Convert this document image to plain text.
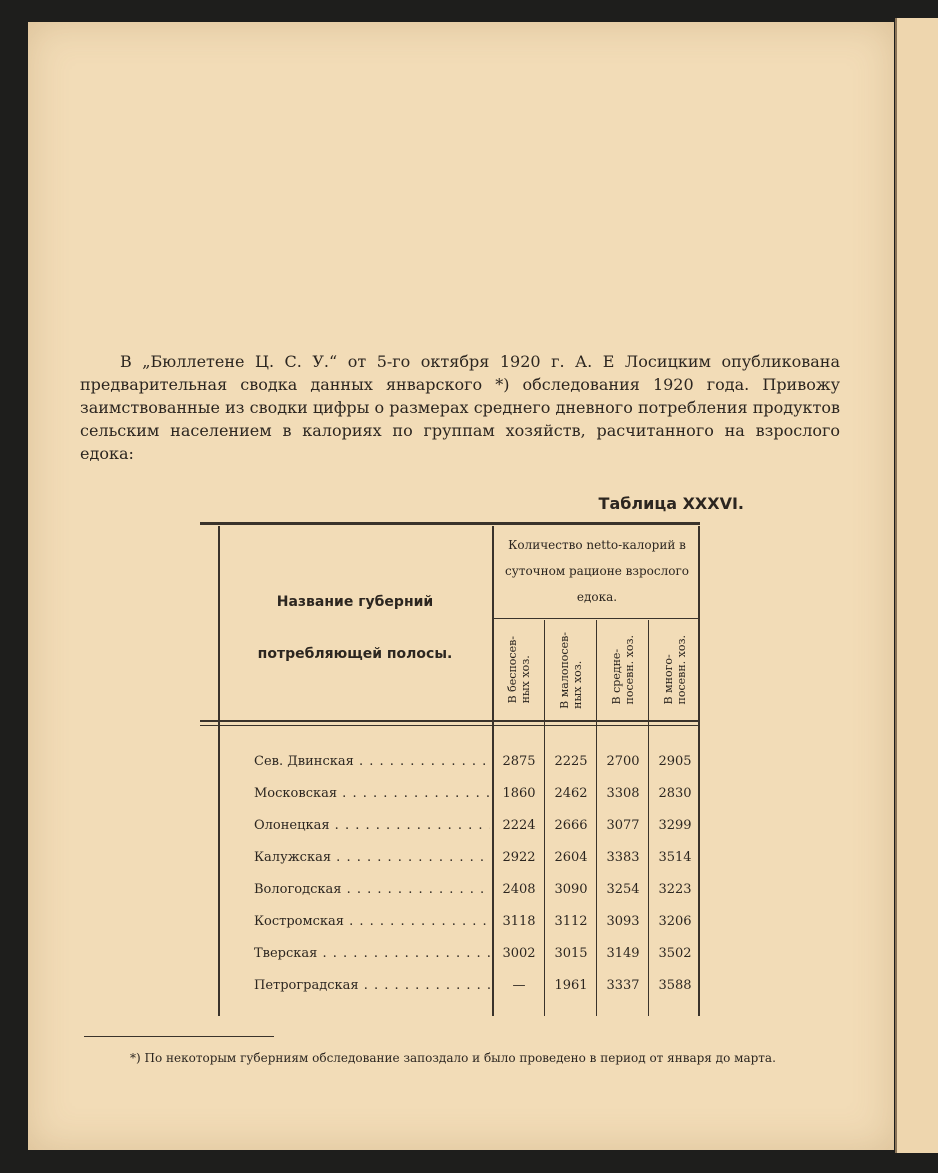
В „Бюллетене Ц. С. У.“ от 5-го октября 1920 г. А. Е Лосицким опубликована предварительная сводка данных январского *) обследования 1920 года. Привожу заимствованные из сводки цифры о размерах среднего дневного потребления продуктов сельским населением в калориях по группам хозяйств, расчитанного на взрослого едока:

Таблица XXXVI.
Название губерний потребляющей полосы.
Количество netto-калорий в суточном рационе взрослого едока.
В беспосев-
ных хоз.
В малопосев-
ных хоз.
В средне-
посевн. хоз.
В много-
посевн. хоз.
Сев. Двинская . . .	2875	2225	2700	2905
Московская . . .	1860	2462	3308	2830
Олонецкая . . .	2224	2666	3077	3299
Калужская . . .	2922	2604	3383	3514
Вологодская . . .	2408	3090	3254	3223
Костромская . . .	3118	3112	3093	3206
Тверская . . .	3002	3015	3149	3502
Петроградская . . .	—	1961	3337	3588

*) По некоторым губерниям обследование запоздало и было проведено в период от января до марта.
